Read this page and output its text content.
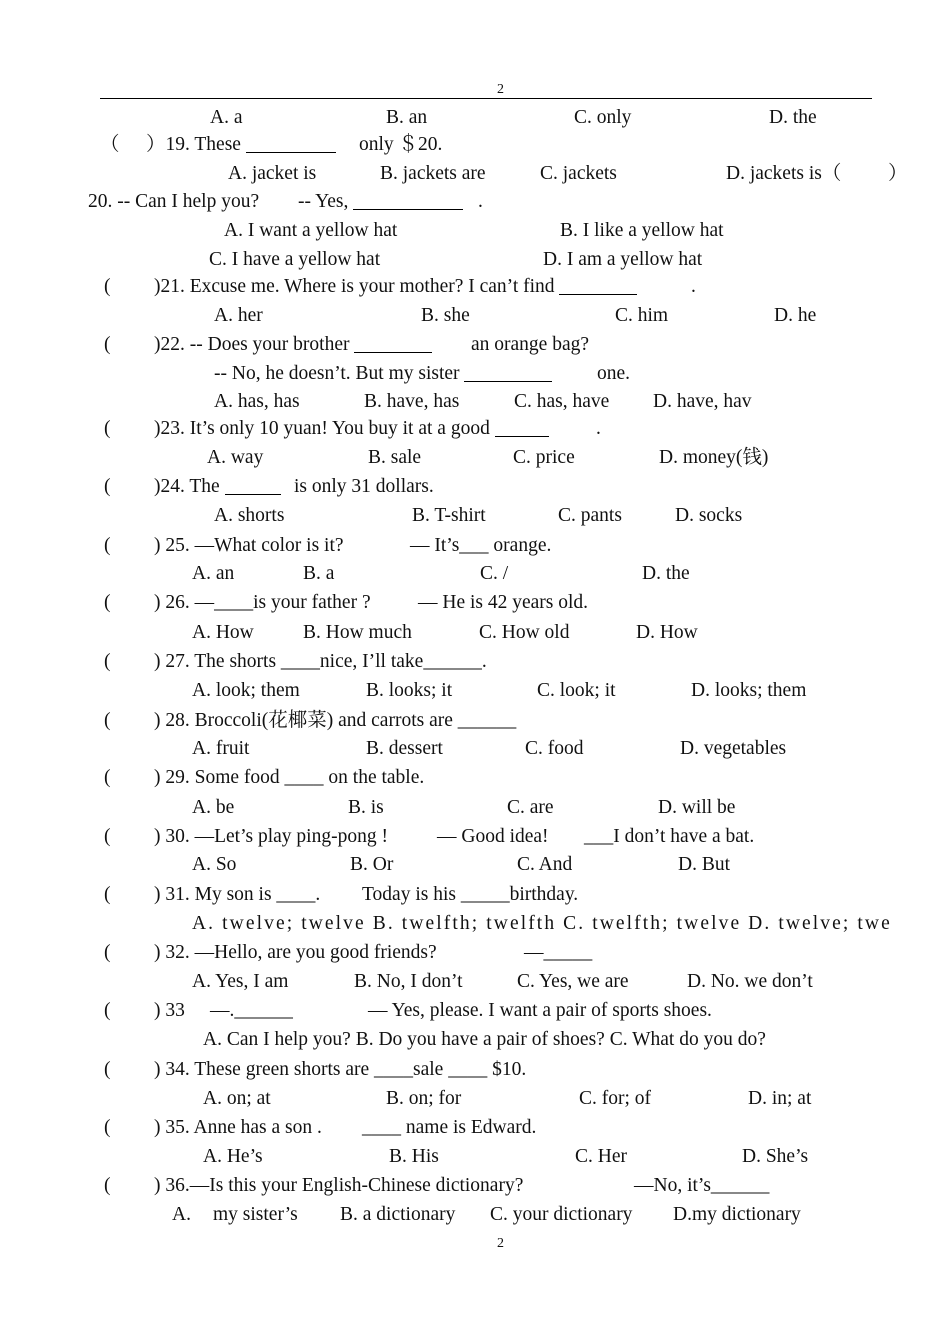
2
A. a	B. an	C. only	D. the
（ ）19. These	only ＄20.
A. jacket is	B. jackets are	C. jackets	D. jackets is（ ）
20. -- Can I help you? -- Yes,	.
A. I want a yellow hat	B. I like a yellow hat
C. I have a yellow hat	D. I am a yellow hat
( )21. Excuse me. Where is your mother? I can’t find	.
A. her	B. she	C. him	D. he
( )22. -- Does your brother	an orange bag?
-- No, he doesn’t. But my sister	one.
A. has, has	B. have, has	C. has, have D. have, hav
( )23. It’s only 10 yuan! You buy it at a good	.
A. way	B. sale	C. price	D. money(钱)
( )24. The	is only 31 dollars.
A. shorts	B. T-shirt	C. pants	D. socks
( ) 25. —What color is it?	— It’s___ orange.
A. an	B. a	C. /	D. the
( ) 26. —____is your father ? — He is 42 years old.
A. How	B. How much	C. How old	D. How
( ) 27. The shorts ____nice, I’ll take______.
A. look; them	B. looks; it	C. look; it	D. looks; them
( ) 28. Broccoli(花椰菜) and carrots are ______
A. fruit	B. dessert	C. food	D. vegetables
( ) 29. Some food ____ on the table.
A. be	B. is	C. are	D. will be
( ) 30. —Let’s play ping-pong !	— Good idea! ___I don’t have a bat.
A. So	B. Or	C. And	D. But
( ) 31. My son is ____. Today is his _____birthday.
A. twelve; twelve B. twelfth; twelfth C. twelfth; twelve D. twelve; twe
( ) 32. —Hello, are you good friends?	—_____
A. Yes, I am	B. No, I don’t	C. Yes, we are	D. No. we don’t
( ) 33 —.______	— Yes, please. I want a pair of sports shoes.
A. Can I help you? B. Do you have a pair of shoes? C. What do you do?
( ) 34. These green shorts are ____sale ____ $10.
A. on; at	B. on; for	C. for; of	D. in; at
( ) 35. Anne has a son . ____ name is Edward.
A. He’s	B. His	C. Her	D. She’s
( ) 36.—Is this your English-Chinese dictionary?	—No, it’s______
A. my sister’s B. a dictionary C. your dictionary D.my dictionary
2
